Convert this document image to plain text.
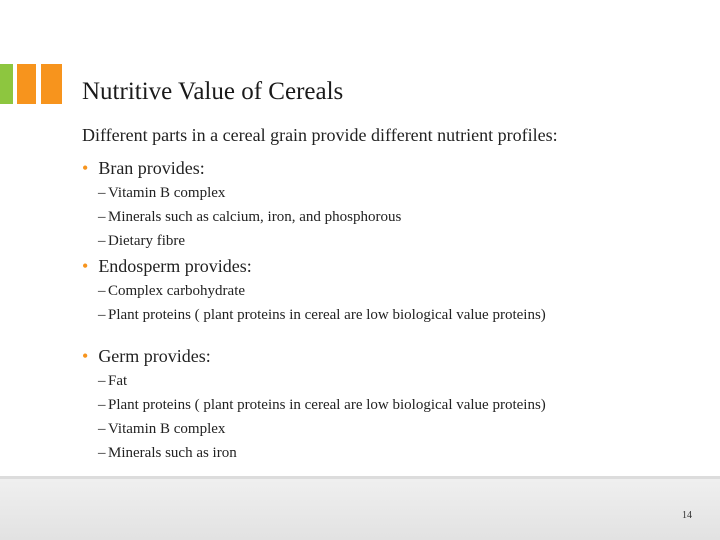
Nutritive Value of Cereals
Different parts in a cereal grain provide different nutrient profiles:
• Bran provides:
– Vitamin B complex
– Minerals such as calcium, iron, and phosphorous
– Dietary fibre
• Endosperm provides:
– Complex carbohydrate
– Plant proteins ( plant proteins in cereal are low biological value proteins)
• Germ provides:
– Fat
– Plant proteins ( plant proteins in cereal are low biological value proteins)
– Vitamin B complex
– Minerals such as iron
14
